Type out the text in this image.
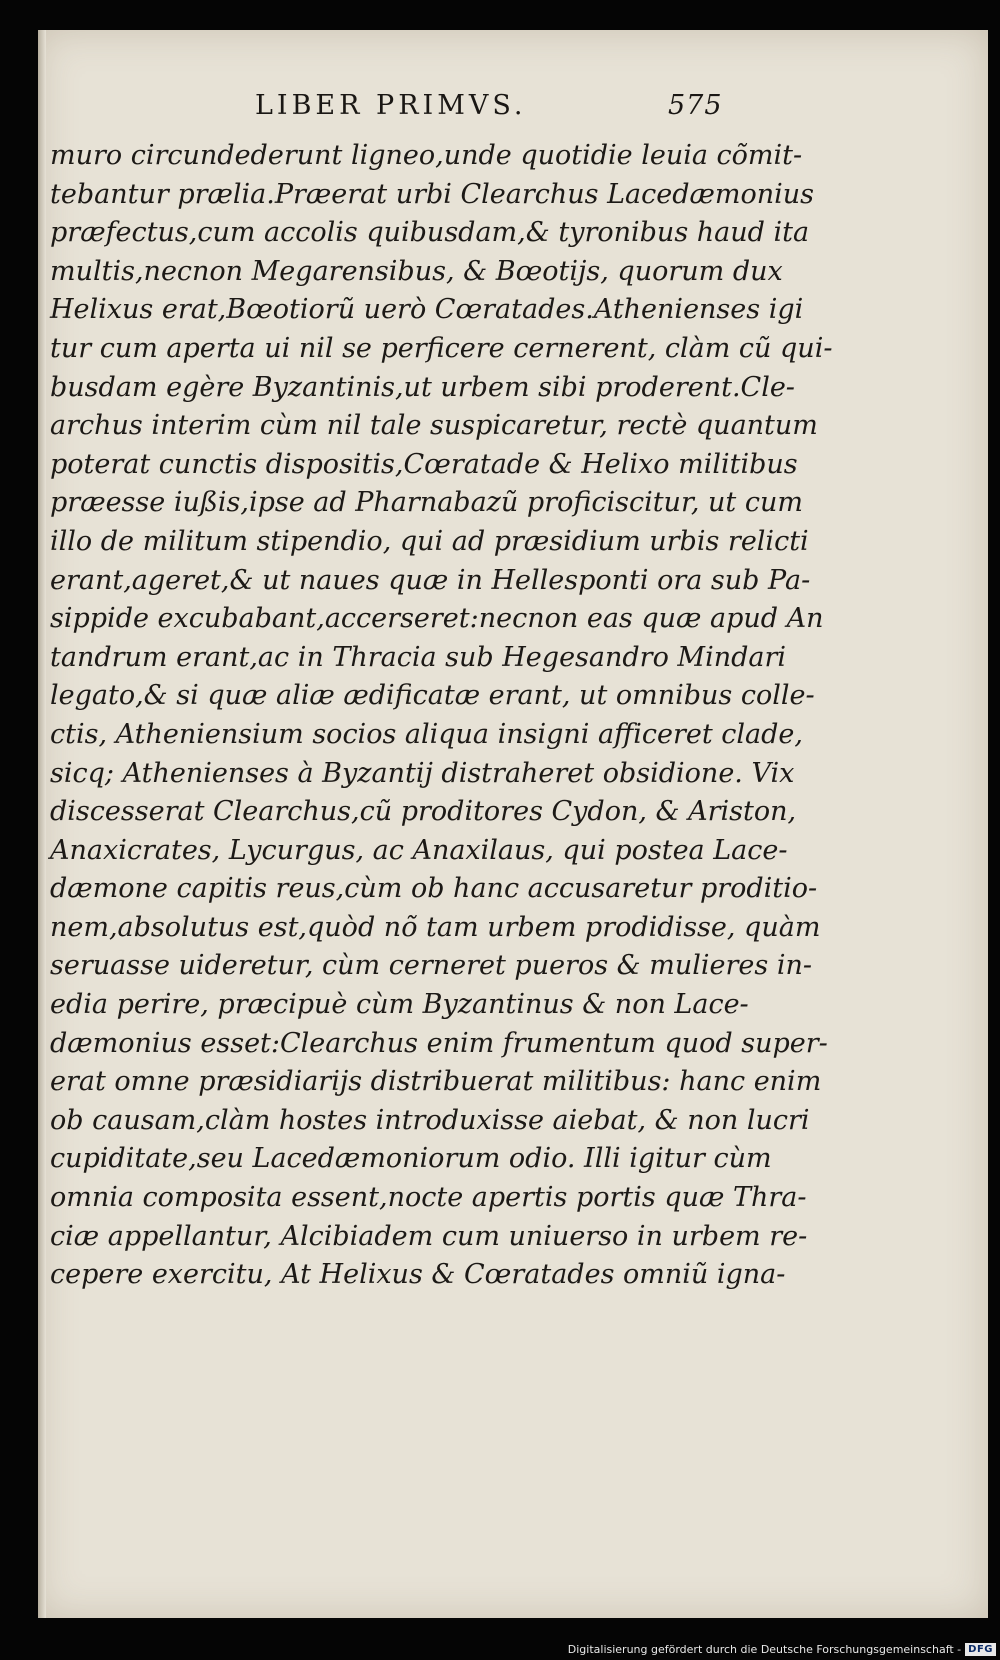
LIBER PRIMVS.	575
muro circundederunt ligneo,unde quotidie leuia cõmit-
tebantur prælia.Præerat urbi Clearchus Lacedæmonius
præfectus,cum accolis quibusdam,& tyronibus haud ita
multis,necnon Megarensibus, & Bœotijs, quorum dux
Helixus erat,Bœotiorũ uerò Cœratades.Athenienses igi
tur cum aperta ui nil se perficere cernerent, clàm cũ qui-
busdam egère Byzantinis,ut urbem sibi proderent.Cle-
archus interim cùm nil tale suspicaretur, rectè quantum
poterat cunctis dispositis,Cœratade & Helixo militibus
præesse iußis,ipse ad Pharnabazũ proficiscitur, ut cum
illo de militum stipendio, qui ad præsidium urbis relicti
erant,ageret,& ut naues quæ in Hellesponti ora sub Pa-
sippide excubabant,accerseret:necnon eas quæ apud An
tandrum erant,ac in Thracia sub Hegesandro Mindari
legato,& si quæ aliæ ædificatæ erant, ut omnibus colle-
ctis, Atheniensium socios aliqua insigni afficeret clade,
sicq; Athenienses à Byzantij distraheret obsidione. Vix
discesserat Clearchus,cũ proditores Cydon, & Ariston,
Anaxicrates, Lycurgus, ac Anaxilaus, qui postea Lace-
dæmone capitis reus,cùm ob hanc accusaretur proditio-
nem,absolutus est,quòd nõ tam urbem prodidisse, quàm
seruasse uideretur, cùm cerneret pueros & mulieres in-
edia perire, præcipuè cùm Byzantinus & non Lace-
dæmonius esset:Clearchus enim frumentum quod super-
erat omne præsidiarijs distribuerat militibus: hanc enim
ob causam,clàm hostes introduxisse aiebat, & non lucri
cupiditate,seu Lacedæmoniorum odio. Illi igitur cùm
omnia composita essent,nocte apertis portis quæ Thra-
ciæ appellantur, Alcibiadem cum uniuerso in urbem re-
cepere exercitu, At Helixus & Cœratades omniũ igna-
Digitalisierung gefördert durch die Deutsche Forschungsgemeinschaft - DFG
